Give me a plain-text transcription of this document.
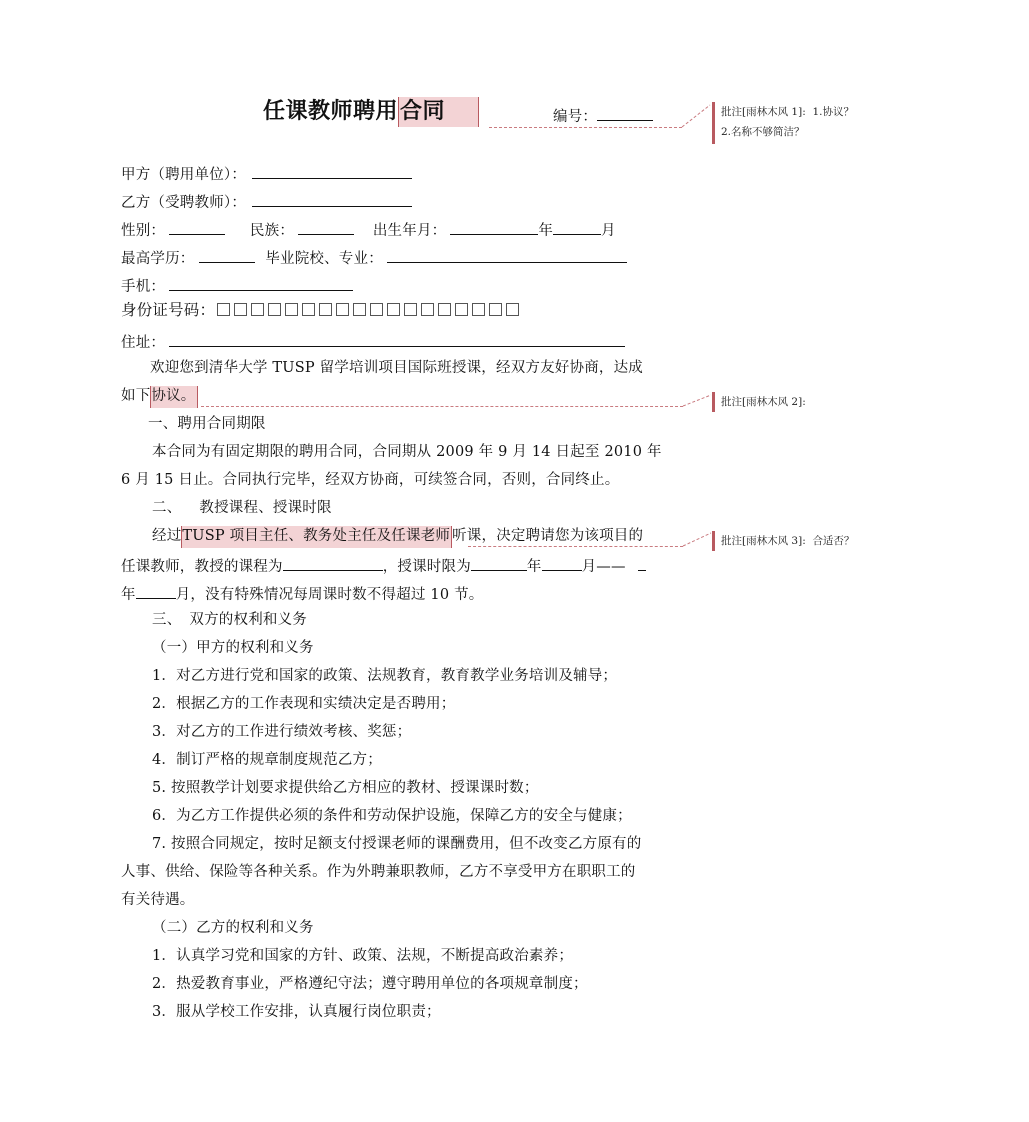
任课教师聘用合同	编号：	批注[雨林木风 1]: 1.协议？
2.名称不够简洁？
甲方（聘用单位）：
乙方（受聘教师）：
性别：	民族：	出生年月：	年	月
最高学历：	毕业院校、专业：
手机：
身份证号码：
住址：
欢迎您到清华大学 TUSP 留学培训项目国际班授课，经双方友好协商，达成
如下协议。	批注[雨林木风 2]:
一、聘用合同期限
本合同为有固定期限的聘用合同，合同期从 2009 年 9 月 14 日起至 2010 年
6 月 15 日止。合同执行完毕，经双方协商，可续签合同，否则，合同终止。
二、 教授课程、授课时限
经过TUSP 项目主任、教务处主任及任课老师 听课，决定聘请您为该项目的	批注[雨林木风 3]: 合适否？
任课教师，教授的课程为	，授课时限为	年	月——
年	月，没有特殊情况每周课时数不得超过 10 节。
三、 双方的权利和义务
（一）甲方的权利和义务
1．对乙方进行党和国家的政策、法规教育，教育教学业务培训及辅导；
2．根据乙方的工作表现和实绩决定是否聘用；
3．对乙方的工作进行绩效考核、奖惩；
4．制订严格的规章制度规范乙方；
5. 按照教学计划要求提供给乙方相应的教材、授课课时数；
6．为乙方工作提供必须的条件和劳动保护设施，保障乙方的安全与健康；
7. 按照合同规定，按时足额支付授课老师的课酬费用，但不改变乙方原有的
人事、供给、保险等各种关系。作为外聘兼职教师，乙方不享受甲方在职职工的
有关待遇。
（二）乙方的权利和义务
1．认真学习党和国家的方针、政策、法规，不断提高政治素养；
2．热爱教育事业，严格遵纪守法；遵守聘用单位的各项规章制度；
3．服从学校工作安排，认真履行岗位职责；
